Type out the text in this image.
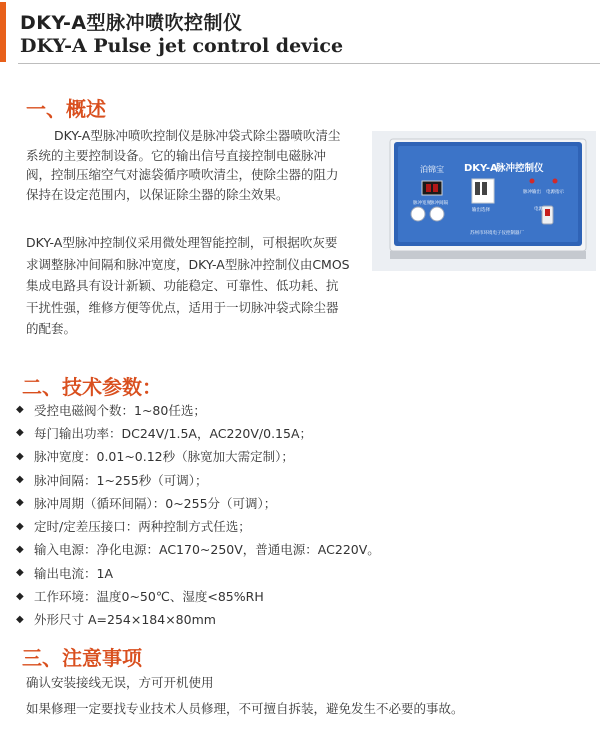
DKY-A型脉冲喷吹控制仪
DKY-A Pulse jet control device
一、概述
DKY-A型脉冲喷吹控制仪是脉冲袋式除尘器喷吹清尘
系统的主要控制设备。它的输出信号直接控制电磁脉冲
阀，控制压缩空气对滤袋循序喷吹清尘，使除尘器的阻力
保持在设定范围内，以保证除尘器的除尘效果。
DKY-A型脉冲控制仪采用微处理智能控制，可根据吹灰要
求调整脉冲间隔和脉冲宽度，DKY-A型脉冲控制仪由CMOS
集成电路具有设计新颖、功能稳定、可靠性、低功耗、抗
干扰性强，维修方便等优点，适用于一切脉冲袋式除尘器
的配套。
泊锦宝 DKY-A
脉冲控制仪
脉冲宽度 脉冲间隔
输出选择
脉冲输出 电源指示
电源
苏州市环境电子仪控制器厂
二、技术参数：
◆ 受控电磁阀个数：1~80任选；
◆ 每门输出功率：DC24V/1.5A，AC220V/0.15A；
◆ 脉冲宽度：0.01~0.12秒（脉宽加大需定制）；
◆ 脉冲间隔：1~255秒（可调）；
◆ 脉冲周期（循环间隔）：0~255分（可调）；
◆ 定时/定差压接口：两种控制方式任选；
◆ 输入电源：净化电源：AC170~250V，普通电源：AC220V。
◆ 输出电流：1A
◆ 工作环境：温度0~50℃、湿度<85%RH
◆ 外形尺寸 A=254×184×80mm
三、注意事项
确认安装接线无误，方可开机使用
如果修理一定要找专业技术人员修理，不可擅自拆装，避免发生不必要的事故。
